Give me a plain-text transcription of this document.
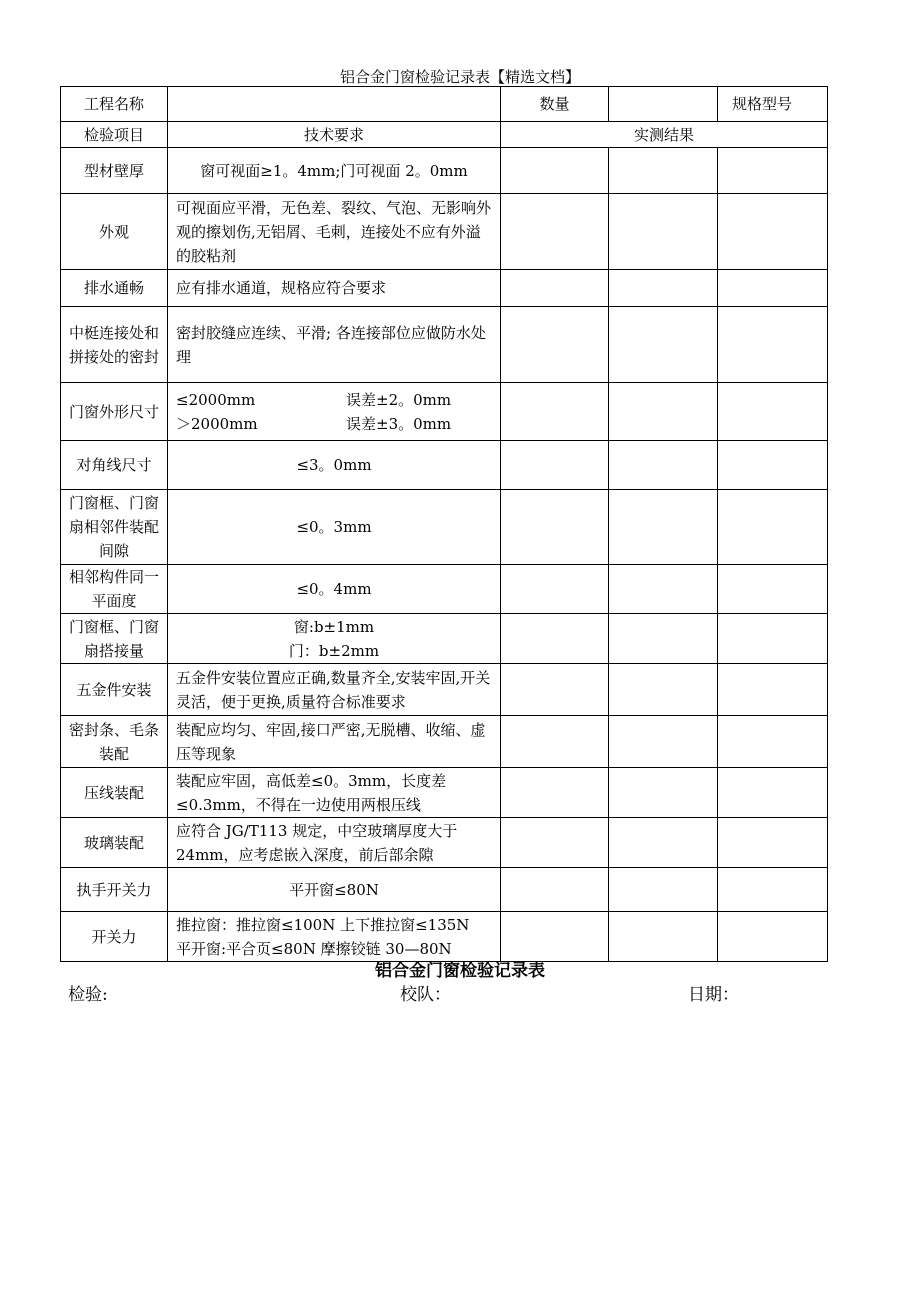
铝合金门窗检验记录表【精选文档】
工程名称		数量		规格型号
检验项目	技术要求	实测结果		
型材壁厚	窗可视面≥1。4mm;门可视面 2。0mm			
外观	可视面应平滑，无色差、裂纹、气泡、无影响外观的擦划伤,无铝屑、毛刺，连接处不应有外溢的胶粘剂			
排水通畅	应有排水通道，规格应符合要求			
中梃连接处和拼接处的密封	密封胶缝应连续、平滑; 各连接部位应做防水处理			
门窗外形尺寸	≤2000mm 误差±2。0mm
＞2000mm 误差±3。0mm			

对角线尺寸	≤3。0mm			
门窗框、门窗扇相邻件装配间隙	≤0。3mm			
相邻构件同一平面度	≤0。4mm			
门窗框、门窗扇搭接量	窗:b±1mm
门：b±2mm			

五金件安装	五金件安装位置应正确,数量齐全,安装牢固,开关灵活，便于更换,质量符合标准要求			
密封条、毛条装配	装配应均匀、牢固,接口严密,无脱槽、收缩、虚压等现象			
压线装配	装配应牢固，高低差≤0。3mm，长度差≤0.3mm，不得在一边使用两根压线			
玻璃装配	应符合 JG/T113 规定，中空玻璃厚度大于24mm，应考虑嵌入深度，前后部余隙			
执手开关力	平开窗≤80N			
开关力	推拉窗：推拉窗≤100N 上下推拉窗≤135N
平开窗:平合页≤80N 摩擦铰链 30—80N			

铝合金门窗检验记录表
检验:	校队：	日期：
